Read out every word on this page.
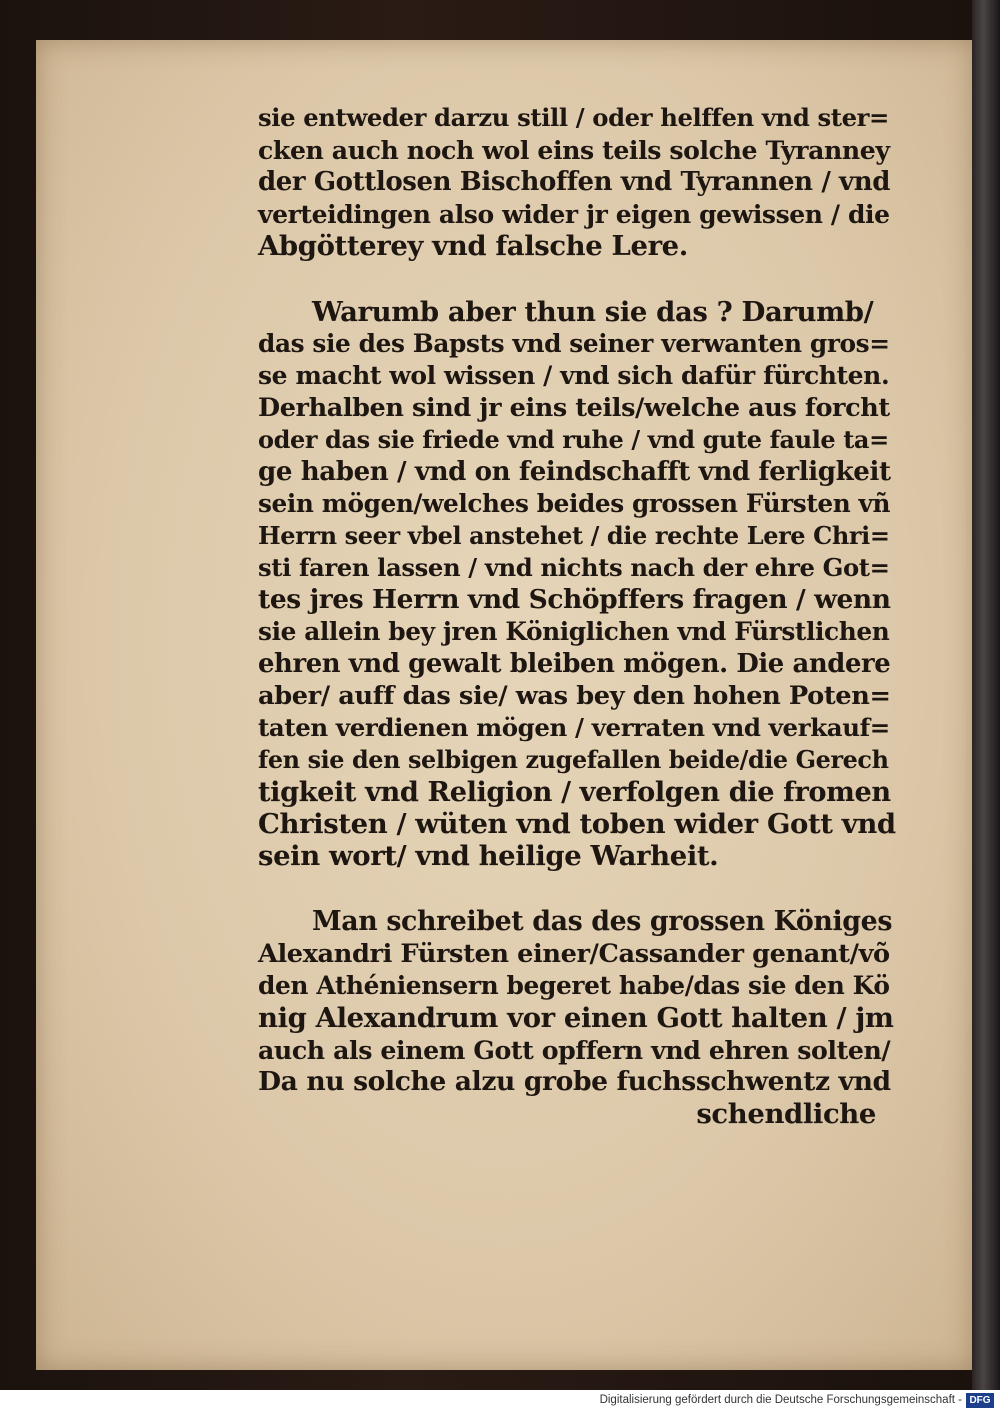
sie entweder darzu still / oder helffen vnd ster=
cken auch noch wol eins teils solche Tyranney
der Gottlosen Bischoffen vnd Tyrannen / vnd
verteidingen also wider jr eigen gewissen / die
Abgötterey vnd falsche Lere.
Warumb aber thun sie das ? Darumb/
das sie des Bapsts vnd seiner verwanten gros=
se macht wol wissen / vnd sich dafür fürchten.
Derhalben sind jr eins teils/welche aus forcht
oder das sie friede vnd ruhe / vnd gute faule ta=
ge haben / vnd on feindschafft vnd ferligkeit
sein mögen/welches beides grossen Fürsten vñ
Herrn seer vbel anstehet / die rechte Lere Chri=
sti faren lassen / vnd nichts nach der ehre Got=
tes jres Herrn vnd Schöpffers fragen / wenn
sie allein bey jren Königlichen vnd Fürstlichen
ehren vnd gewalt bleiben mögen. Die andere
aber/ auff das sie/ was bey den hohen Poten=
taten verdienen mögen / verraten vnd verkauf=
fen sie den selbigen zugefallen beide/die Gerech
tigkeit vnd Religion / verfolgen die fromen
Christen / wüten vnd toben wider Gott vnd
sein wort/ vnd heilige Warheit.
Man schreibet das des grossen Königes
Alexandri Fürsten einer/Cassander genant/võ
den Athéniensern begeret habe/das sie den Kö
nig Alexandrum vor einen Gott halten / jm
auch als einem Gott opffern vnd ehren solten/
Da nu solche alzu grobe fuchsschwentz vnd
schendliche
Digitalisierung gefördert durch die Deutsche Forschungsgemeinschaft - DFG
